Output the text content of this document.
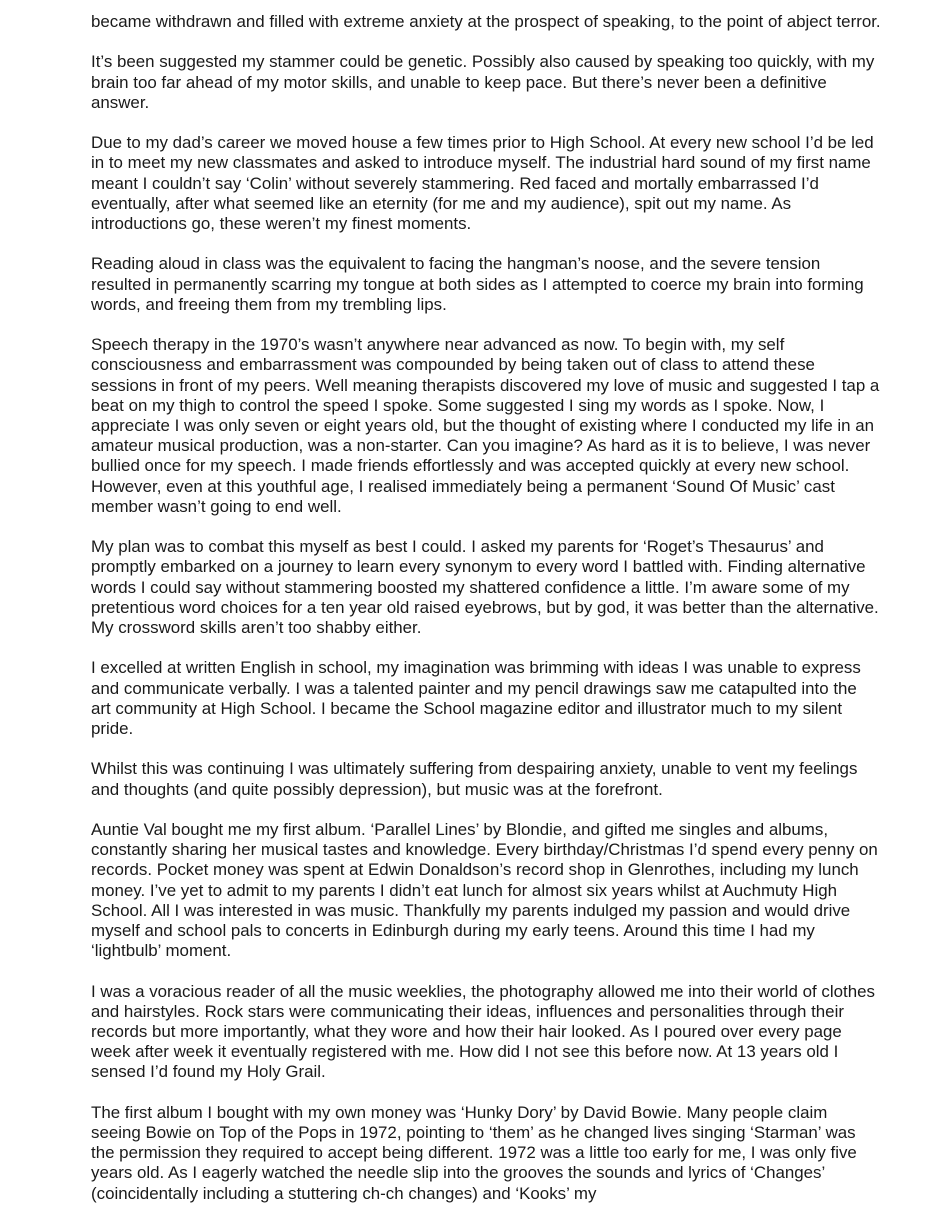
became withdrawn and filled with extreme anxiety at the prospect of speaking, to the point of abject terror.

It’s been suggested my stammer could be genetic. Possibly also caused by speaking too quickly, with my brain too far ahead of my motor skills, and unable to keep pace. But there’s never been a definitive answer.

Due to my dad’s career we moved house a few times prior to High School. At every new school I’d be led in to meet my new classmates and asked to introduce myself. The industrial hard sound of my first name meant I couldn’t say ‘Colin’ without severely stammering. Red faced and mortally embarrassed I’d eventually, after what seemed like an eternity (for me and my audience), spit out my name. As introductions go, these weren’t my finest moments.

Reading aloud in class was the equivalent to facing the hangman’s noose, and the severe tension resulted in permanently scarring my tongue at both sides as I attempted to coerce my brain into forming words, and freeing them from my trembling lips.

Speech therapy in the 1970’s wasn’t anywhere near advanced as now. To begin with, my self consciousness and embarrassment was compounded by being taken out of class to attend these sessions in front of my peers. Well meaning therapists discovered my love of music and suggested I tap a beat on my thigh to control the speed I spoke. Some suggested I sing my words as I spoke. Now, I appreciate I was only seven or eight years old, but the thought of existing where I conducted my life in an amateur musical production, was a non-starter. Can you imagine? As hard as it is to believe, I was never bullied once for my speech. I made friends effortlessly and was accepted quickly at every new school. However, even at this youthful age, I realised immediately being a permanent ‘Sound Of Music’ cast member wasn’t going to end well.

My plan was to combat this myself as best I could. I asked my parents for ‘Roget’s Thesaurus’ and promptly embarked on a journey to learn every synonym to every word I battled with. Finding alternative words I could say without stammering boosted my shattered confidence a little. I’m aware some of my pretentious word choices for a ten year old raised eyebrows, but by god, it was better than the alternative. My crossword skills aren’t too shabby either.

I excelled at written English in school, my imagination was brimming with ideas I was unable to express and communicate verbally. I was a talented painter and my pencil drawings saw me catapulted into the art community at High School. I became the School magazine editor and illustrator much to my silent pride.

Whilst this was continuing I was ultimately suffering from despairing anxiety, unable to vent my feelings and thoughts (and quite possibly depression), but music was at the forefront.

Auntie Val bought me my first album. ‘Parallel Lines’ by Blondie, and gifted me singles and albums, constantly sharing her musical tastes and knowledge. Every birthday/Christmas I’d spend every penny on records. Pocket money was spent at Edwin Donaldson’s record shop in Glenrothes, including my lunch money. I’ve yet to admit to my parents I didn’t eat lunch for almost six years whilst at Auchmuty High School. All I was interested in was music. Thankfully my parents indulged my passion and would drive myself and school pals to concerts in Edinburgh during my early teens. Around this time I had my ‘lightbulb’ moment.

I was a voracious reader of all the music weeklies, the photography allowed me into their world of clothes and hairstyles. Rock stars were communicating their ideas, influences and personalities through their records but more importantly, what they wore and how their hair looked. As I poured over every page week after week it eventually registered with me. How did I not see this before now. At 13 years old I sensed I’d found my Holy Grail.

The first album I bought with my own money was ‘Hunky Dory’ by David Bowie. Many people claim seeing Bowie on Top of the Pops in 1972, pointing to ‘them’ as he changed lives singing ‘Starman’ was the permission they required to accept being different. 1972 was a little too early for me, I was only five years old. As I eagerly watched the needle slip into the grooves the sounds and lyrics of ‘Changes’ (coincidentally including a stuttering ch-ch changes) and ‘Kooks’ my
